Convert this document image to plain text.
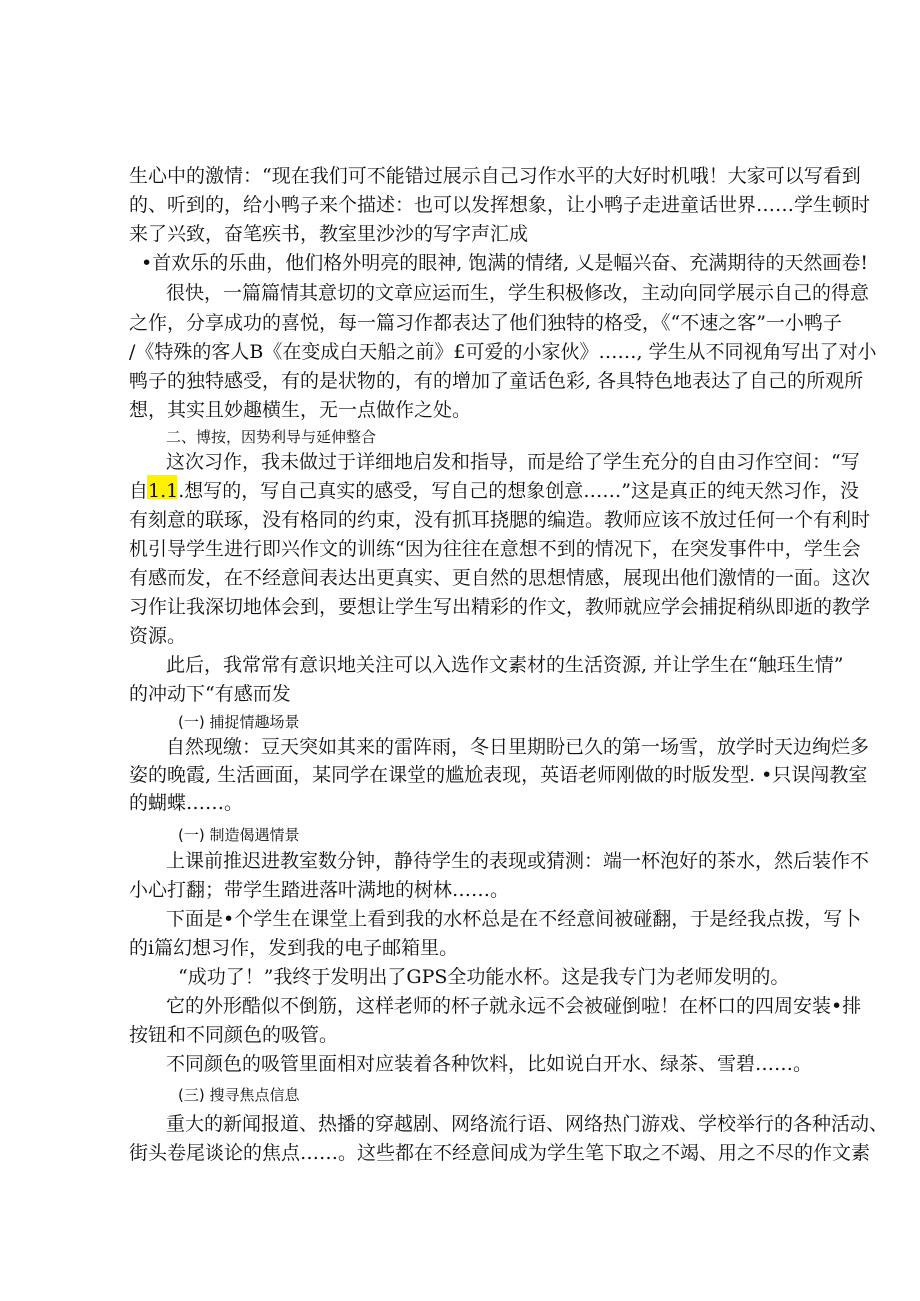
生心中的激情：“现在我们可不能错过展示自己习作水平的大好时机哦！大家可以写看到
的、听到的，给小鸭子来个描述：也可以发挥想象，让小鸭子走进童话世界……学生顿时
来了兴致，奋笔疾书，教室里沙沙的写字声汇成
•首欢乐的乐曲，他们格外明亮的眼神, 饱满的情绪, 乂是幅兴奋、充满期待的天然画卷!
很快，一篇篇情其意切的文章应运而生，学生积极修改，主动向同学展示自己的得意
之作，分享成功的喜悦，每一篇习作都表达了他们独特的格受，《“不速之客”一小鸭子
/《特殊的客人B《在变成白天船之前》£可爱的小家伙》……, 学生从不同视角写出了对小
鸭子的独特感受，有的是状物的，有的增加了童话色彩, 各具特色地表达了自己的所观所
想，其实且妙趣横生，无一点做作之处。
二、博按，因势利导与延伸整合
这次习作，我未做过于详细地启发和指导，而是给了学生充分的自由习作空间：“写
自1.1.想写的，写自己真实的感受，写自己的想象创意……”这是真正的纯天然习作，没
有刻意的联琢，没有格同的约束，没有抓耳挠腮的编造。教师应该不放过任何一个有利时
机引导学生进行即兴作文的训练“因为往往在意想不到的情况下，在突发事件中，学生会
有感而发，在不经意间表达出更真实、更自然的思想情感，展现出他们激情的一面。这次
习作让我深切地体会到，要想让学生写出精彩的作文，教师就应学会捕捉稍纵即逝的教学
资源。
此后，我常常有意识地关注可以入选作文素材的生活资源, 并让学生在“触珏生情”
的冲动下“有感而发
(一) 捕捉情趣场景
自然现缴：豆天突如其来的雷阵雨，冬日里期盼已久的第一场雪，放学时天边绚烂多
姿的晚霞, 生活画面，某同学在课堂的尴尬表现，英语老师刚做的时版发型. •只误闯教室
的蝴蝶……。
(一) 制造偈遇情景
上课前推迟进教室数分钟，静待学生的表现或猜测：端一杯泡好的茶水，然后装作不
小心打翻；带学生踏进落叶满地的树林……。
下面是•个学生在课堂上看到我的水杯总是在不经意间被碰翻，于是经我点拨，写卜
的i篇幻想习作，发到我的电子邮箱里。
“成功了！”我终于发明出了GPS全功能水杯。这是我专门为老师发明的。
它的外形酷似不倒筋，这样老师的杯子就永远不会被碰倒啦！在杯口的四周安装•排
按钮和不同颜色的吸管。
不同颜色的吸管里面相对应装着各种饮料，比如说白开水、绿茶、雪碧……。
(三) 搜寻焦点信息
重大的新闻报道、热播的穿越剧、网络流行语、网络热门游戏、学校举行的各种活动、
街头卷尾谈论的焦点……。这些都在不经意间成为学生笔下取之不竭、用之不尽的作文素
